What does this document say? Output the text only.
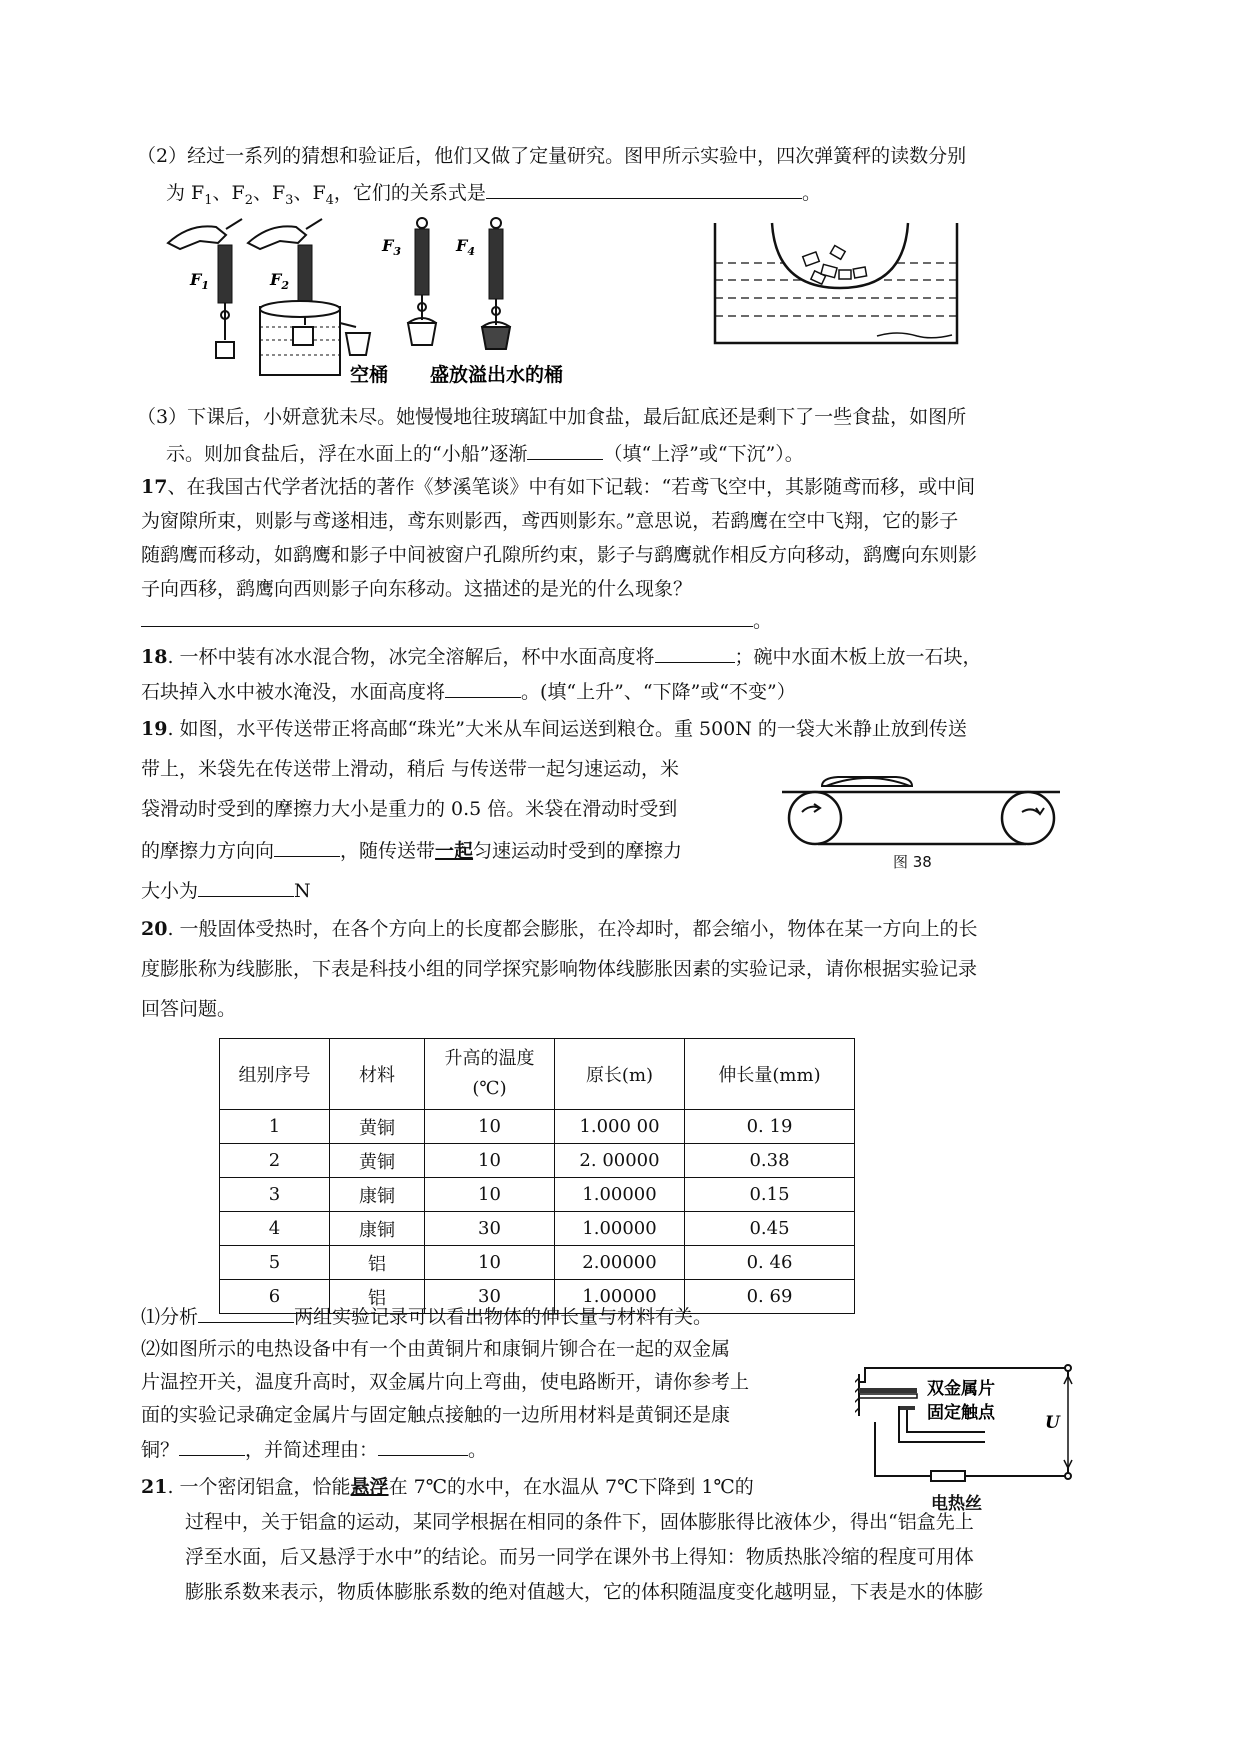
（2）经过一系列的猜想和验证后，他们又做了定量研究。图甲所示实验中，四次弹簧秤的读数分别
为 $F_1$、$F_2$、$F_3$、$F_4$，它们的关系式是	。
$F_1$	$F_2$
$F_3$
空桶
$F_4$
盛放溢出水的桶
（3）下课后，小妍意犹未尽。她慢慢地往玻璃缸中加食盐，最后缸底还是剩下了一些食盐，如图所
示。则加食盐后，浮在水面上的“小船”逐渐	（填“上浮”或“下沉”）。
17、在我国古代学者沈括的著作《梦溪笔谈》中有如下记载：“若鸢飞空中，其影随鸢而移，或中间
为窗隙所束，则影与鸢遂相违，鸢东则影西，鸢西则影东。”意思说，若鹞鹰在空中飞翔，它的影子
随鹞鹰而移动，如鹞鹰和影子中间被窗户孔隙所约束，影子与鹞鹰就作相反方向移动，鹞鹰向东则影
子向西移，鹞鹰向西则影子向东移动。这描述的是光的什么现象？
。
18. 一杯中装有冰水混合物，冰完全溶解后，杯中水面高度将	；碗中水面木板上放一石块，
石块掉入水中被水淹没，水面高度将	。(填“上升”、“下降”或“不变”）
19. 如图，水平传送带正将高邮“珠光”大米从车间运送到粮仓。重 500N 的一袋大米静止放到传送
带上，米袋先在传送带上滑动，稍后 与传送带一起匀速运动，米
袋滑动时受到的摩擦力大小是重力的 0.5 倍。米袋在滑动时受到
的摩擦力方向向	，随传送带一起匀速运动时受到的摩擦力
大小为	N
图 38
20. 一般固体受热时，在各个方向上的长度都会膨胀，在冷却时，都会缩小，物体在某一方向上的长
度膨胀称为线膨胀，下表是科技小组的同学探究影响物体线膨胀因素的实验记录，请你根据实验记录
回答问题。
组别序号	材料	升高的温度
(℃)	原长(m)	伸长量(mm)
1	黄铜	10	1.000 00	0. 19
2	黄铜	10	2. 00000	0.38
3	康铜	10	1.00000	0.15
4	康铜	30	1.00000	0.45
5	铝	10	2.00000	0. 46
6	铝	30	1.00000	0. 69
⑴分析	两组实验记录可以看出物体的伸长量与材料有关。
⑵如图所示的电热设备中有一个由黄铜片和康铜片铆合在一起的双金属
片温控开关，温度升高时，双金属片向上弯曲，使电路断开，请你参考上
面的实验记录确定金属片与固定触点接触的一边所用材料是黄铜还是康
铜？	，并简述理由：	。
双金属片
固定触点	U
电热丝
21. 一个密闭铝盒，恰能悬浮在 7℃的水中，在水温从 7℃下降到 1℃的
过程中，关于铝盒的运动，某同学根据在相同的条件下，固体膨胀得比液体少，得出“铝盒先上
浮至水面，后又悬浮于水中”的结论。而另一同学在课外书上得知：物质热胀冷缩的程度可用体
膨胀系数来表示，物质体膨胀系数的绝对值越大，它的体积随温度变化越明显，下表是水的体膨
